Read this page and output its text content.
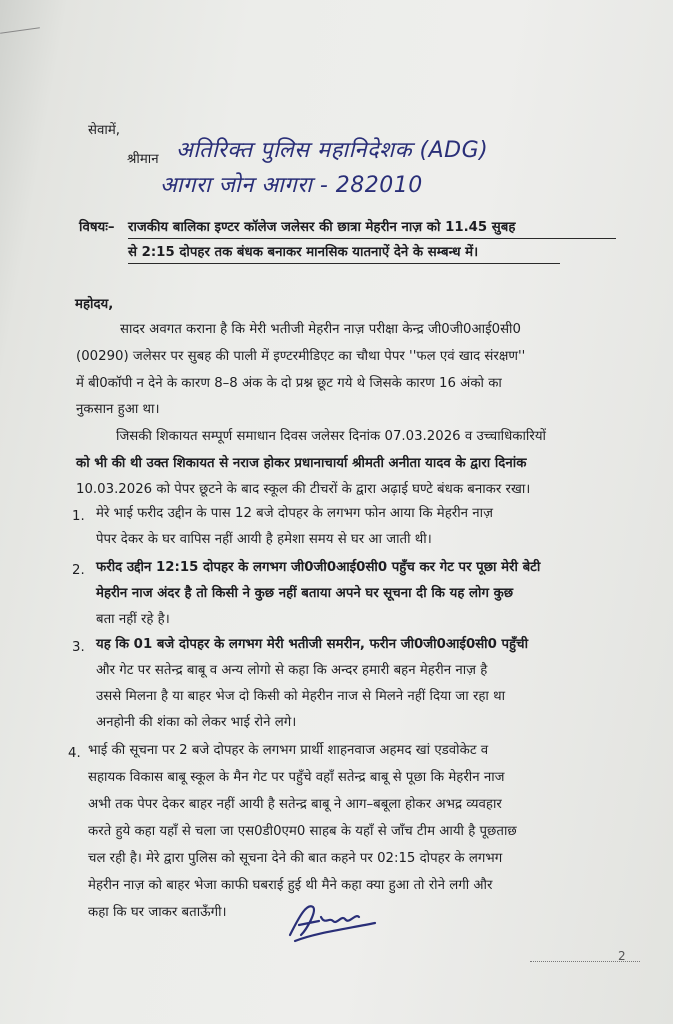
सेवामें,
श्रीमान अतिरिक्त पुलिस महानिदेशक (ADG)
आगरा जोन आगरा - 282010
विषयः– राजकीय बालिका इण्टर कॉलेज जलेसर की छात्रा मेहरीन नाज़ को 11.45 सुबह
से 2:15 दोपहर तक बंधक बनाकर मानसिक यातनाऐं देने के सम्बन्ध में।
महोदय,
सादर अवगत कराना है कि मेरी भतीजी मेहरीन नाज़ परीक्षा केन्द्र जी0जी0आई0सी0
(00290) जलेसर पर सुबह की पाली में इण्टरमीडिएट का चौथा पेपर ''फल एवं खाद संरक्षण''
में बी0कॉपी न देने के कारण 8–8 अंक के दो प्रश्न छूट गये थे जिसके कारण 16 अंको का
नुकसान हुआ था।
जिसकी शिकायत सम्पूर्ण समाधान दिवस जलेसर दिनांक 07.03.2026 व उच्चाधिकारियों
को भी की थी उक्त शिकायत से नराज होकर प्रधानाचार्या श्रीमती अनीता यादव के द्वारा दिनांक
10.03.2026 को पेपर छूटने के बाद स्कूल की टीचरों के द्वारा अढ़ाई घण्टे बंधक बनाकर रखा।
1. मेरे भाई फरीद उद्दीन के पास 12 बजे दोपहर के लगभग फोन आया कि मेहरीन नाज़
पेपर देकर के घर वापिस नहीं आयी है हमेशा समय से घर आ जाती थी।
2. फरीद उद्दीन 12:15 दोपहर के लगभग जी0जी0आई0सी0 पहुँच कर गेट पर पूछा मेरी बेटी
मेहरीन नाज अंदर है तो किसी ने कुछ नहीं बताया अपने घर सूचना दी कि यह लोग कुछ
बता नहीं रहे है।
3. यह कि 01 बजे दोपहर के लगभग मेरी भतीजी समरीन, फरीन जी0जी0आई0सी0 पहुँची
और गेट पर सतेन्द्र बाबू व अन्य लोगो से कहा कि अन्दर हमारी बहन मेहरीन नाज़ है
उससे मिलना है या बाहर भेज दो किसी को मेहरीन नाज से मिलने नहीं दिया जा रहा था
अनहोनी की शंका को लेकर भाई रोने लगे।
4. भाई की सूचना पर 2 बजे दोपहर के लगभग प्रार्थी शाहनवाज अहमद खां एडवोकेट व
सहायक विकास बाबू स्कूल के मैन गेट पर पहुँचे वहाँ सतेन्द्र बाबू से पूछा कि मेहरीन नाज
अभी तक पेपर देकर बाहर नहीं आयी है सतेन्द्र बाबू ने आग–बबूला होकर अभद्र व्यवहार
करते हुये कहा यहाँ से चला जा एस0डी0एम0 साहब के यहाँ से जाँच टीम आयी है पूछताछ
चल रही है। मेरे द्वारा पुलिस को सूचना देने की बात कहने पर 02:15 दोपहर के लगभग
मेहरीन नाज़ को बाहर भेजा काफी घबराई हुई थी मैने कहा क्या हुआ तो रोने लगी और
कहा कि घर जाकर बताऊँगी।
2
